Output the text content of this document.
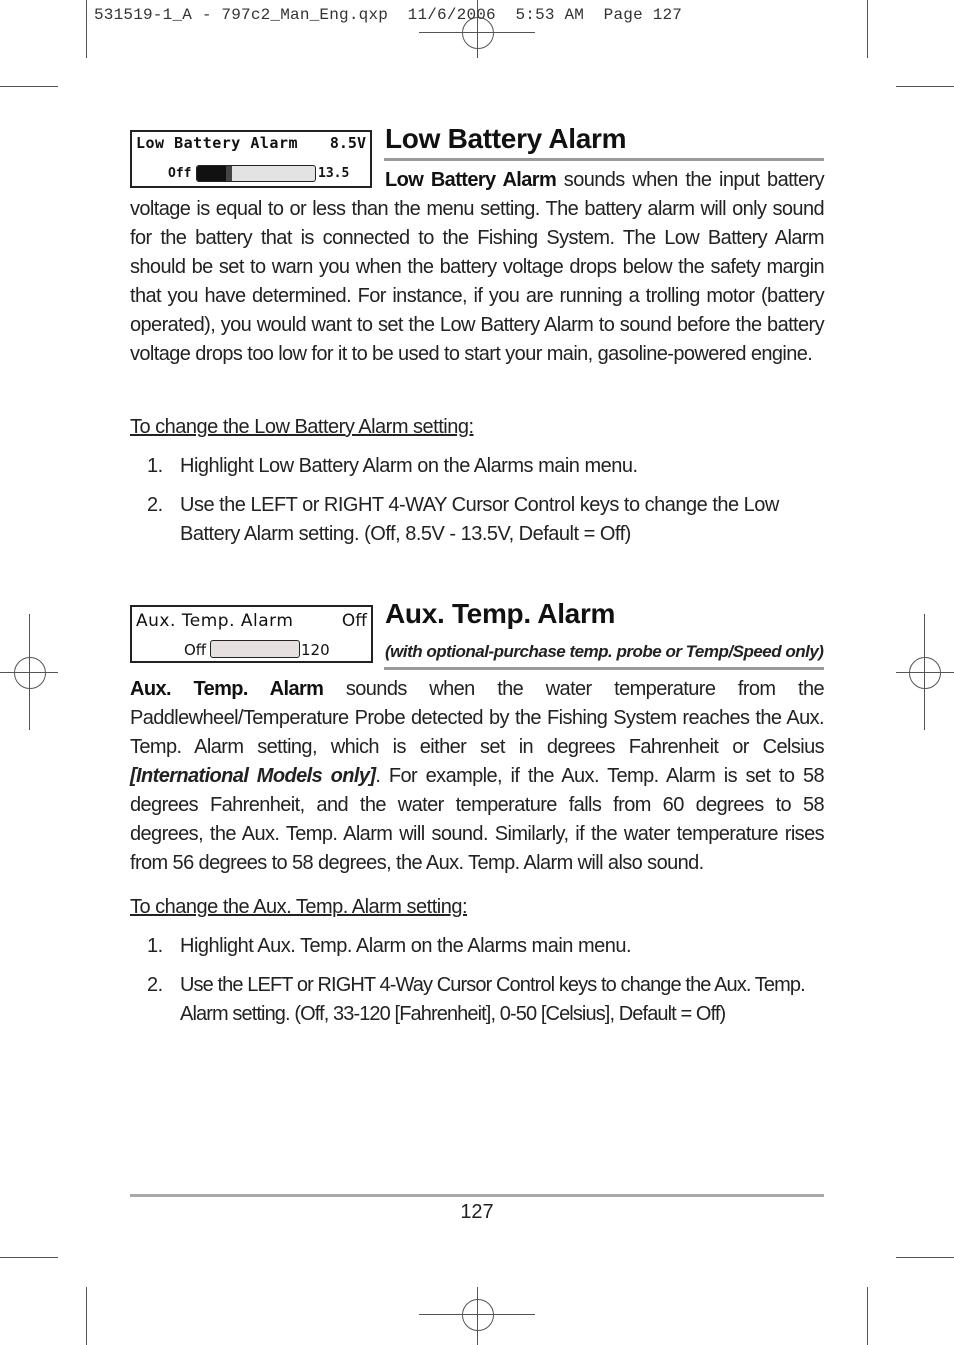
531519-1_A - 797c2_Man_Eng.qxp  11/6/2006  5:53 AM  Page 127
Low Battery Alarm 8.5V
Off	13.5
Low Battery Alarm

Low Battery Alarm sounds when the input battery voltage is equal to or less than the menu setting. The battery alarm will only sound for the battery that is connected to the Fishing System. The Low Battery Alarm should be set to warn you when the battery voltage drops below the safety margin that you have determined. For instance, if you are running a trolling motor (battery operated), you would want to set the Low Battery Alarm to sound before the battery voltage drops too low for it to be used to start your main, gasoline-powered engine.

To change the Low Battery Alarm setting:
1. Highlight Low Battery Alarm on the Alarms main menu.
2. Use the LEFT or RIGHT 4-WAY Cursor Control keys to change the Low
Battery Alarm setting. (Off, 8.5V - 13.5V, Default = Off)
Aux. Temp. Alarm	Off
Off	120
Aux. Temp. Alarm
(with optional-purchase temp. probe or Temp/Speed only)

Aux. Temp. Alarm sounds when the water temperature from the Paddlewheel/Temperature Probe detected by the Fishing System reaches the Aux. Temp. Alarm setting, which is either set in degrees Fahrenheit or Celsius [International Models only]. For example, if the Aux. Temp. Alarm is set to 58 degrees Fahrenheit, and the water temperature falls from 60 degrees to 58 degrees, the Aux. Temp. Alarm will sound. Similarly, if the water temperature rises from 56 degrees to 58 degrees, the Aux. Temp. Alarm will also sound.

To change the Aux. Temp. Alarm setting:
1. Highlight Aux. Temp. Alarm on the Alarms main menu.
2. Use the LEFT or RIGHT 4-Way Cursor Control keys to change the Aux. Temp.
Alarm setting. (Off, 33-120 [Fahrenheit], 0-50 [Celsius], Default = Off)
127
